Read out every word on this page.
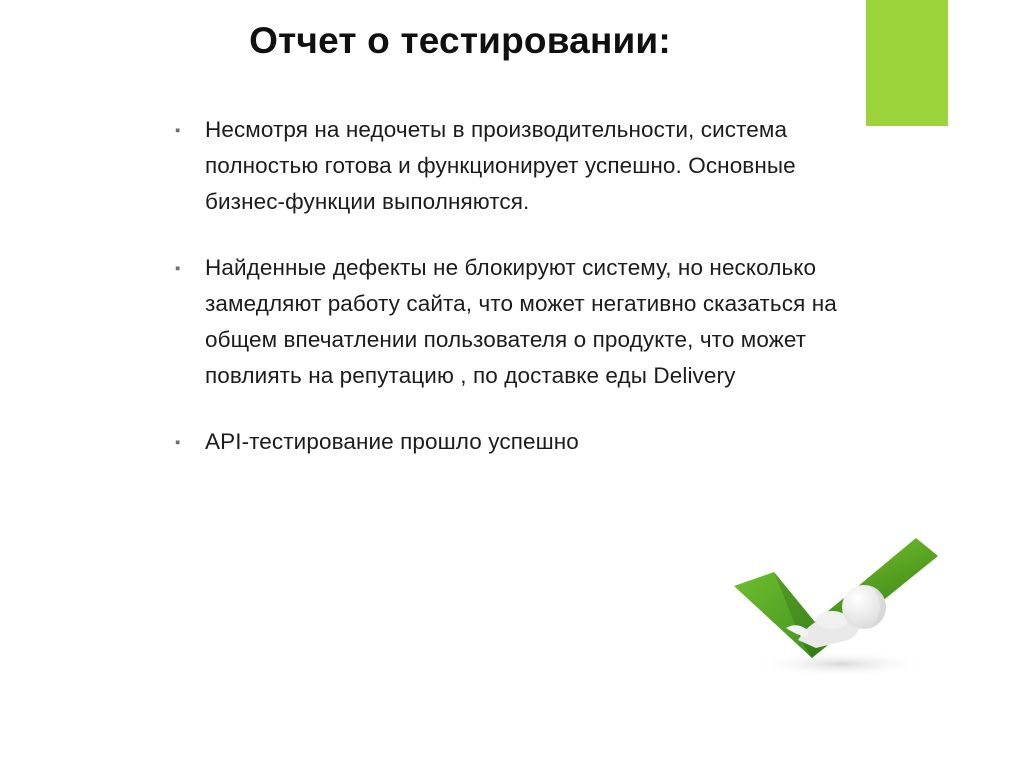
Отчет о тестировании:
▪	Несмотря на недочеты в производительности, система полностью готова и функционирует успешно. Основные бизнес-функции выполняются.
▪	Найденные дефекты не блокируют систему, но несколько замедляют работу сайта, что может негативно сказаться на общем впечатлении пользователя о продукте, что может повлиять на репутацию , по доставке еды Delivery
▪	API-тестирование прошло успешно
